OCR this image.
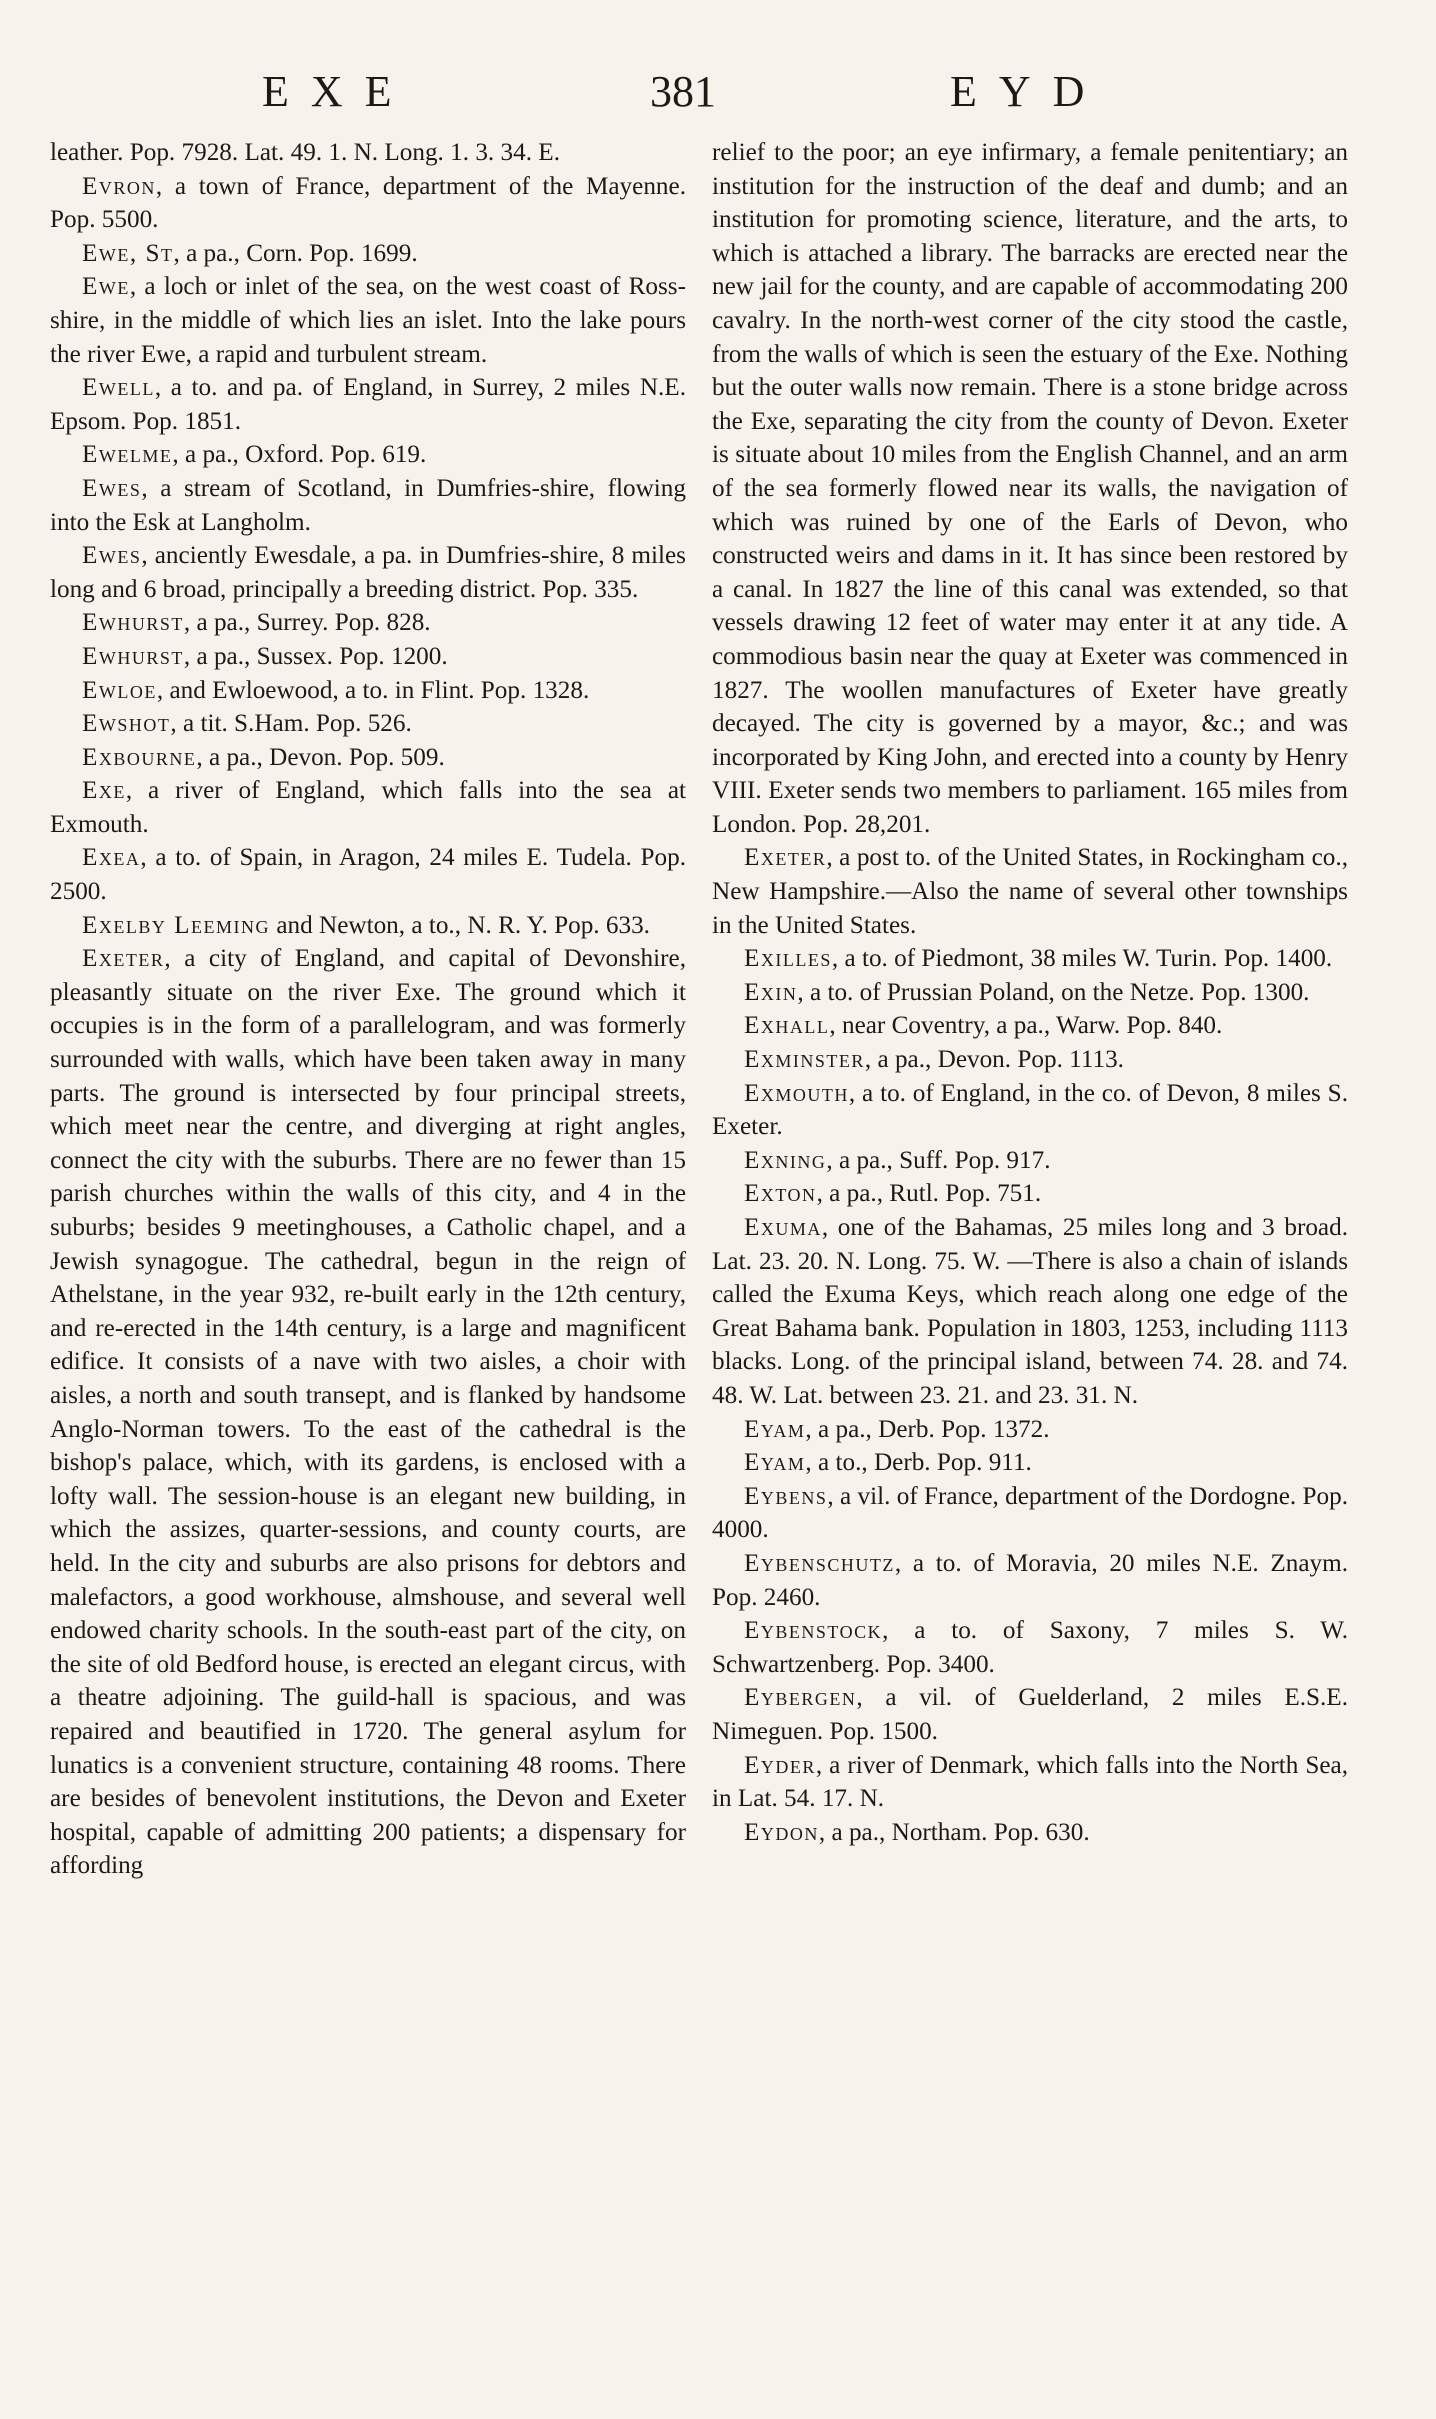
EXE	381	EYD

leather. Pop. 7928. Lat. 49. 1. N. Long. 1. 3. 34. E.

Evron, a town of France, department of the Mayenne. Pop. 5500.

Ewe, St, a pa., Corn. Pop. 1699.

Ewe, a loch or inlet of the sea, on the west coast of Ross-shire, in the middle of which lies an islet. Into the lake pours the river Ewe, a rapid and turbulent stream.

Ewell, a to. and pa. of England, in Surrey, 2 miles N.E. Epsom. Pop. 1851.

Ewelme, a pa., Oxford. Pop. 619.

Ewes, a stream of Scotland, in Dumfries-shire, flowing into the Esk at Langholm.

Ewes, anciently Ewesdale, a pa. in Dumfries-shire, 8 miles long and 6 broad, principally a breeding district. Pop. 335.

Ewhurst, a pa., Surrey. Pop. 828.

Ewhurst, a pa., Sussex. Pop. 1200.

Ewloe, and Ewloewood, a to. in Flint. Pop. 1328.

Ewshot, a tit. S.Ham. Pop. 526.

Exbourne, a pa., Devon. Pop. 509.

Exe, a river of England, which falls into the sea at Exmouth.

Exea, a to. of Spain, in Aragon, 24 miles E. Tudela. Pop. 2500.

Exelby Leeming and Newton, a to., N. R. Y. Pop. 633.

Exeter, a city of England, and capital of Devonshire, pleasantly situate on the river Exe. The ground which it occupies is in the form of a parallelogram, and was formerly surrounded with walls, which have been taken away in many parts. The ground is intersected by four principal streets, which meet near the centre, and diverging at right angles, connect the city with the suburbs. There are no fewer than 15 parish churches within the walls of this city, and 4 in the suburbs; besides 9 meetinghouses, a Catholic chapel, and a Jewish synagogue. The cathedral, begun in the reign of Athelstane, in the year 932, re-built early in the 12th century, and re-erected in the 14th century, is a large and magnificent edifice. It consists of a nave with two aisles, a choir with aisles, a north and south transept, and is flanked by handsome Anglo-Norman towers. To the east of the cathedral is the bishop's palace, which, with its gardens, is enclosed with a lofty wall. The session-house is an elegant new building, in which the assizes, quarter-sessions, and county courts, are held. In the city and suburbs are also prisons for debtors and malefactors, a good workhouse, almshouse, and several well endowed charity schools. In the south-east part of the city, on the site of old Bedford house, is erected an elegant circus, with a theatre adjoining. The guild-hall is spacious, and was repaired and beautified in 1720. The general asylum for lunatics is a convenient structure, containing 48 rooms. There are besides of benevolent institutions, the Devon and Exeter hospital, capable of admitting 200 patients; a dispensary for affording

relief to the poor; an eye infirmary, a female penitentiary; an institution for the instruction of the deaf and dumb; and an institution for promoting science, literature, and the arts, to which is attached a library. The barracks are erected near the new jail for the county, and are capable of accommodating 200 cavalry. In the north-west corner of the city stood the castle, from the walls of which is seen the estuary of the Exe. Nothing but the outer walls now remain. There is a stone bridge across the Exe, separating the city from the county of Devon. Exeter is situate about 10 miles from the English Channel, and an arm of the sea formerly flowed near its walls, the navigation of which was ruined by one of the Earls of Devon, who constructed weirs and dams in it. It has since been restored by a canal. In 1827 the line of this canal was extended, so that vessels drawing 12 feet of water may enter it at any tide. A commodious basin near the quay at Exeter was commenced in 1827. The woollen manufactures of Exeter have greatly decayed. The city is governed by a mayor, &c.; and was incorporated by King John, and erected into a county by Henry VIII. Exeter sends two members to parliament. 165 miles from London. Pop. 28,201.

Exeter, a post to. of the United States, in Rockingham co., New Hampshire.—Also the name of several other townships in the United States.

Exilles, a to. of Piedmont, 38 miles W. Turin. Pop. 1400.

Exin, a to. of Prussian Poland, on the Netze. Pop. 1300.

Exhall, near Coventry, a pa., Warw. Pop. 840.

Exminster, a pa., Devon. Pop. 1113.

Exmouth, a to. of England, in the co. of Devon, 8 miles S. Exeter.

Exning, a pa., Suff. Pop. 917.

Exton, a pa., Rutl. Pop. 751.

Exuma, one of the Bahamas, 25 miles long and 3 broad. Lat. 23. 20. N. Long. 75. W. —There is also a chain of islands called the Exuma Keys, which reach along one edge of the Great Bahama bank. Population in 1803, 1253, including 1113 blacks. Long. of the principal island, between 74. 28. and 74. 48. W. Lat. between 23. 21. and 23. 31. N.

Eyam, a pa., Derb. Pop. 1372.

Eyam, a to., Derb. Pop. 911.

Eybens, a vil. of France, department of the Dordogne. Pop. 4000.

Eybenschutz, a to. of Moravia, 20 miles N.E. Znaym. Pop. 2460.

Eybenstock, a to. of Saxony, 7 miles S. W. Schwartzenberg. Pop. 3400.

Eybergen, a vil. of Guelderland, 2 miles E.S.E. Nimeguen. Pop. 1500.

Eyder, a river of Denmark, which falls into the North Sea, in Lat. 54. 17. N.

Eydon, a pa., Northam. Pop. 630.
